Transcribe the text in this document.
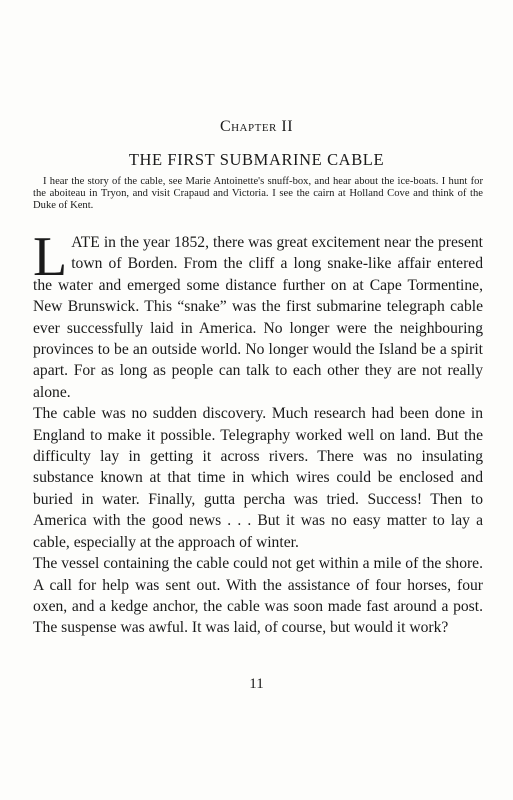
Chapter II
THE FIRST SUBMARINE CABLE
I hear the story of the cable, see Marie Antoinette's snuff-box, and hear about the ice-boats. I hunt for the aboiteau in Tryon, and visit Crapaud and Victoria. I see the cairn at Holland Cove and think of the Duke of Kent.

LATE in the year 1852, there was great excitement near the present town of Borden. From the cliff a long snake-like affair entered the water and emerged some distance further on at Cape Tormentine, New Brunswick. This “snake” was the first submarine telegraph cable ever successfully laid in America. No longer were the neighbouring provinces to be an outside world. No longer would the Island be a spirit apart. For as long as people can talk to each other they are not really alone.

The cable was no sudden discovery. Much research had been done in England to make it possible. Telegraphy worked well on land. But the difficulty lay in getting it across rivers. There was no insulating substance known at that time in which wires could be enclosed and buried in water. Finally, gutta percha was tried. Success! Then to America with the good news . . . But it was no easy matter to lay a cable, especially at the approach of winter.

The vessel containing the cable could not get within a mile of the shore. A call for help was sent out. With the assistance of four horses, four oxen, and a kedge anchor, the cable was soon made fast around a post. The suspense was awful. It was laid, of course, but would it work?

11
